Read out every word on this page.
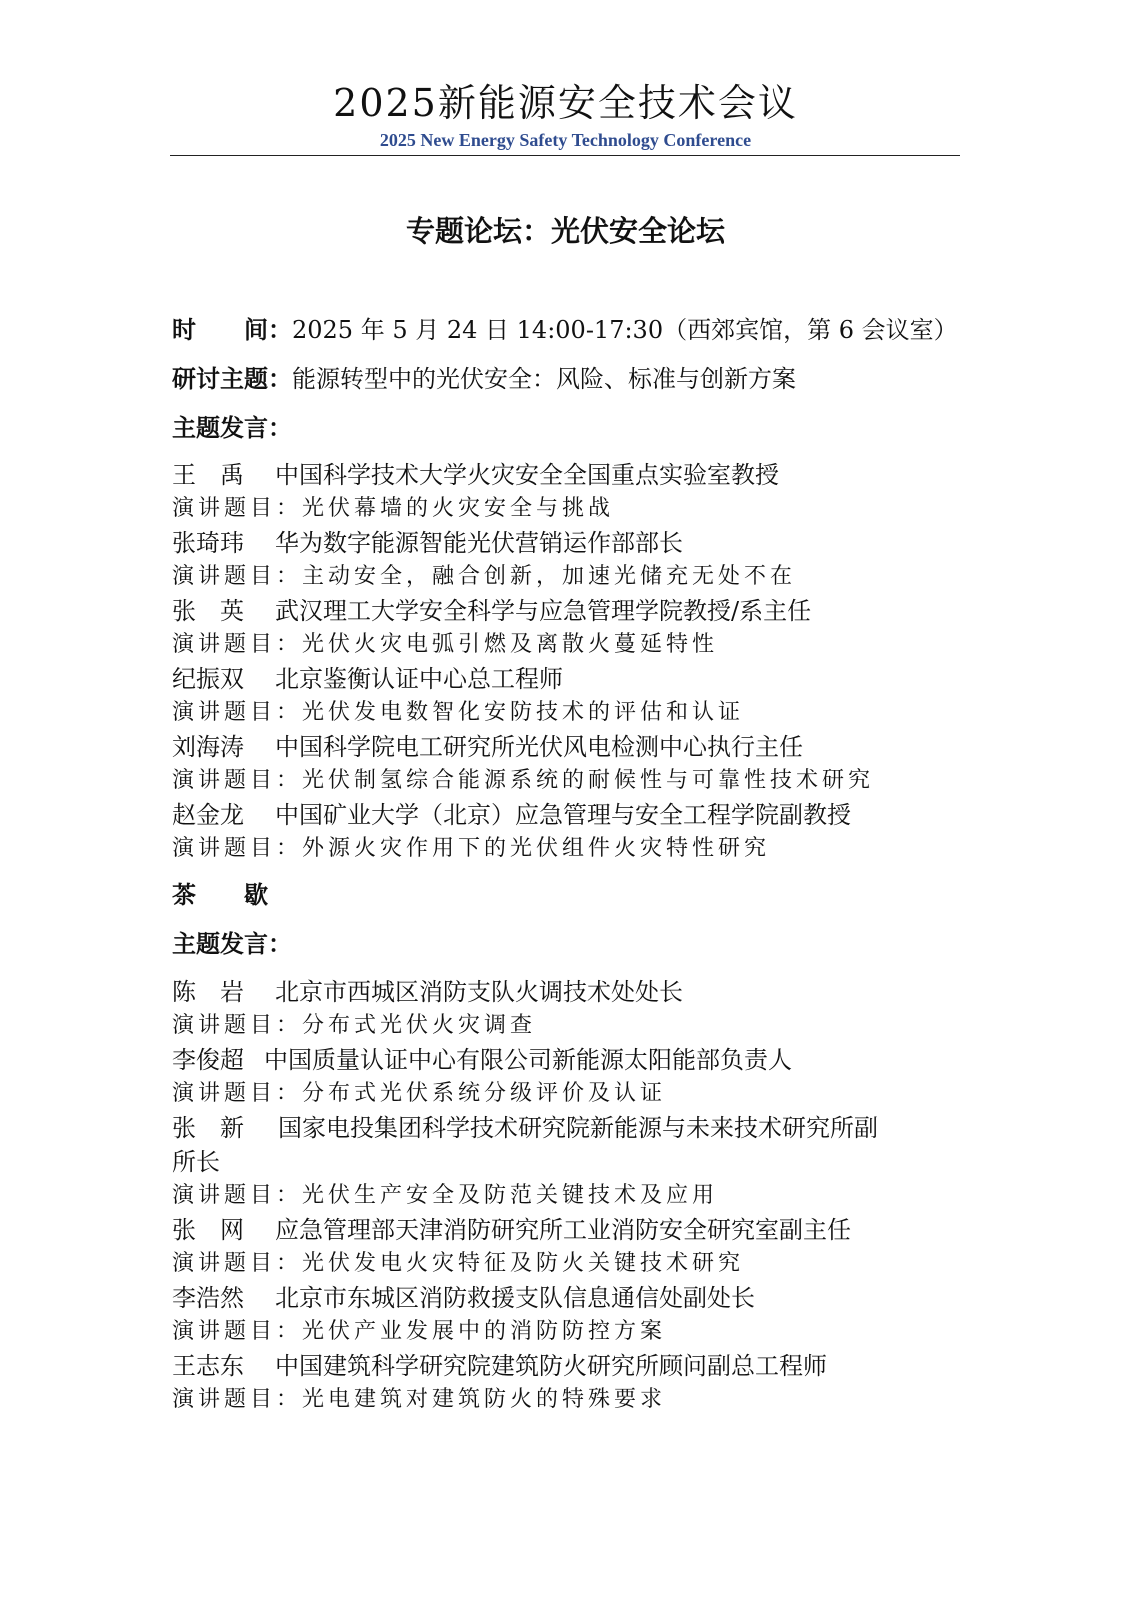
2025新能源安全技术会议
2025 New Energy Safety Technology Conference
专题论坛：光伏安全论坛
时 间：2025 年 5 月 24 日 14:00-17:30（西郊宾馆，第 6 会议室）
研讨主题：能源转型中的光伏安全：风险、标准与创新方案
主题发言：
王　禹 中国科学技术大学火灾安全全国重点实验室教授
演讲题目：光伏幕墙的火灾安全与挑战
张琦玮 华为数字能源智能光伏营销运作部部长
演讲题目：主动安全，融合创新，加速光储充无处不在
张　英 武汉理工大学安全科学与应急管理学院教授/系主任
演讲题目：光伏火灾电弧引燃及离散火蔓延特性
纪振双 北京鉴衡认证中心总工程师
演讲题目：光伏发电数智化安防技术的评估和认证
刘海涛 中国科学院电工研究所光伏风电检测中心执行主任
演讲题目：光伏制氢综合能源系统的耐候性与可靠性技术研究
赵金龙 中国矿业大学（北京）应急管理与安全工程学院副教授
演讲题目：外源火灾作用下的光伏组件火灾特性研究
茶 歇
主题发言：
陈　岩 北京市西城区消防支队火调技术处处长
演讲题目：分布式光伏火灾调查
李俊超 中国质量认证中心有限公司新能源太阳能部负责人
演讲题目：分布式光伏系统分级评价及认证
张　新 国家电投集团科学技术研究院新能源与未来技术研究所副
所长
演讲题目：光伏生产安全及防范关键技术及应用
张　网 应急管理部天津消防研究所工业消防安全研究室副主任
演讲题目：光伏发电火灾特征及防火关键技术研究
李浩然 北京市东城区消防救援支队信息通信处副处长
演讲题目：光伏产业发展中的消防防控方案
王志东 中国建筑科学研究院建筑防火研究所顾问副总工程师
演讲题目：光电建筑对建筑防火的特殊要求
